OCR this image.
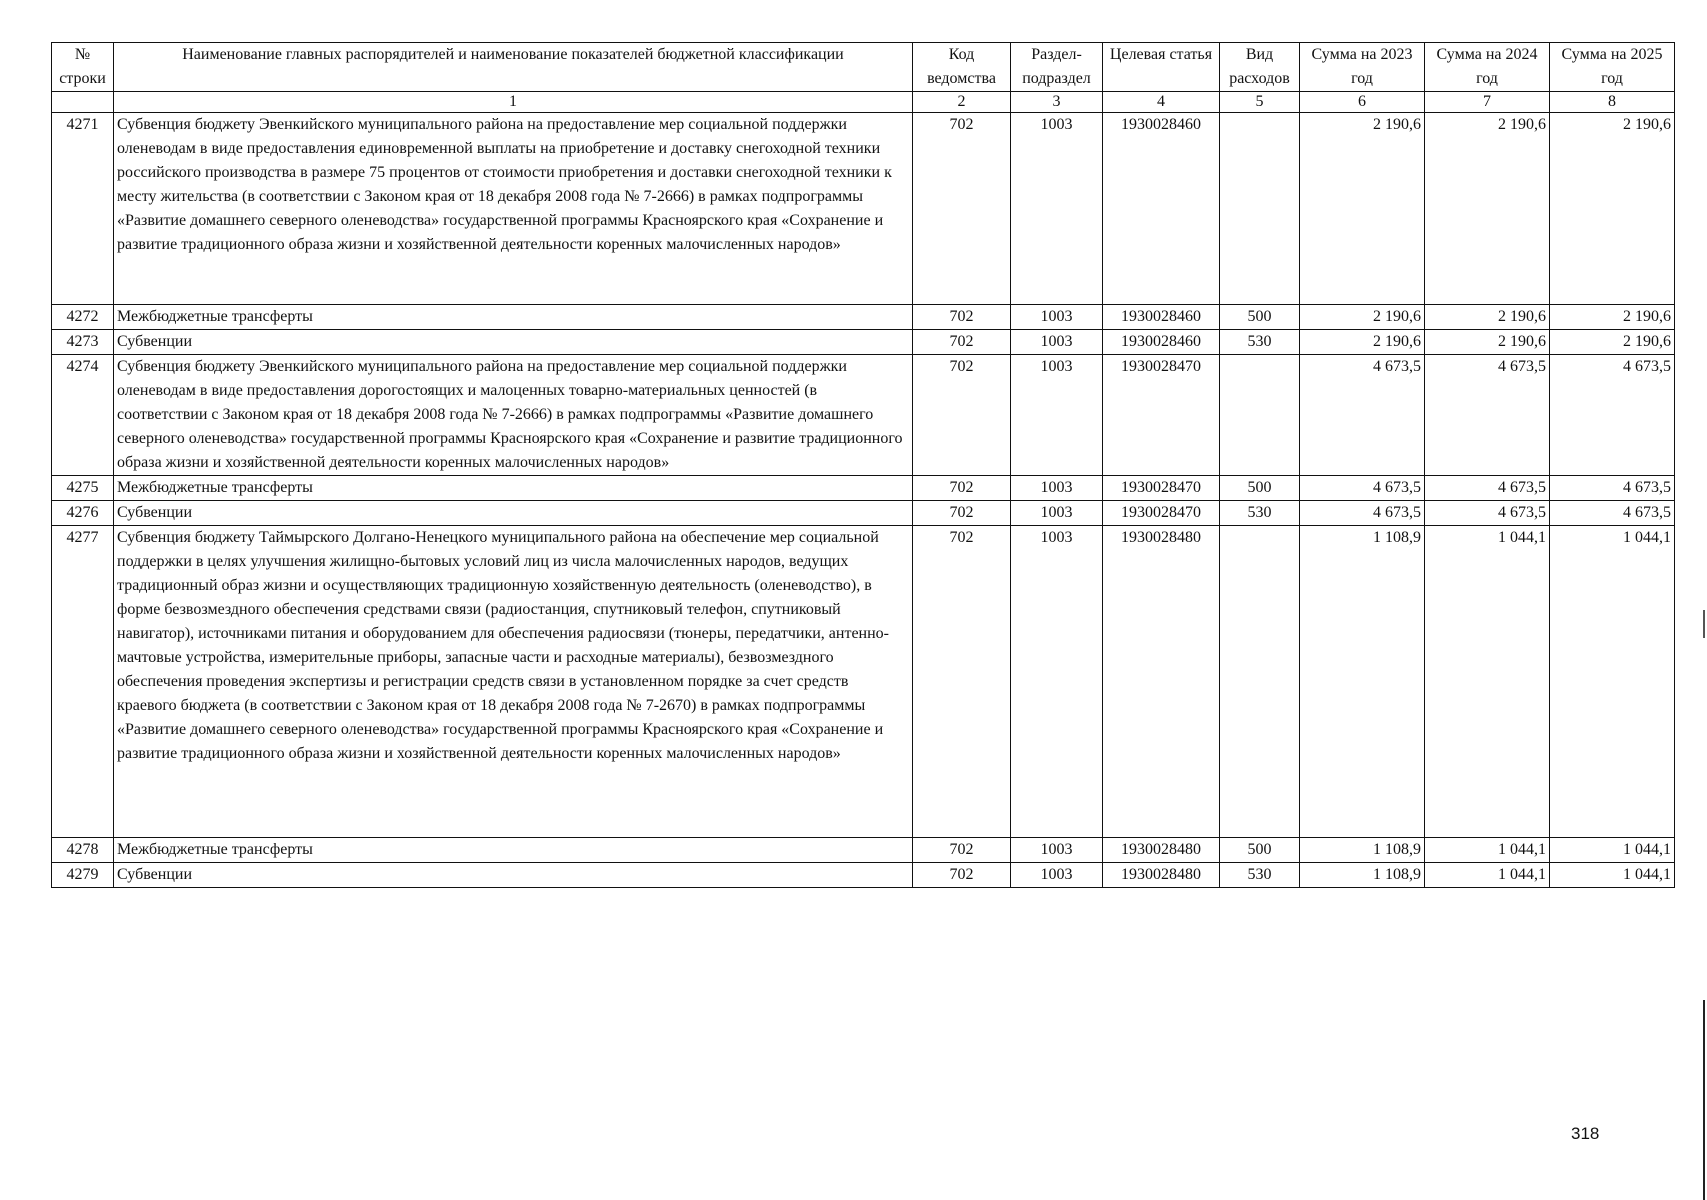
№ строки	Наименование главных распорядителей и наименование показателей бюджетной классификации	Код ведомства	Раздел-подраздел	Целевая статья	Вид расходов	Сумма на 2023 год	Сумма на 2024 год	Сумма на 2025 год
	1	2	3	4	5	6	7	8
4271	Субвенция бюджету Эвенкийского муниципального района на предоставление мер социальной поддержки оленеводам в виде предоставления единовременной выплаты на приобретение и доставку снегоходной техники российского производства в размере 75 процентов от стоимости приобретения и доставки снегоходной техники к месту жительства (в соответствии с Законом края от 18 декабря 2008 года № 7-2666) в рамках подпрограммы «Развитие домашнего северного оленеводства» государственной программы Красноярского края «Сохранение и развитие традиционного образа жизни и хозяйственной деятельности коренных малочисленных народов»	702	1003	1930028460		2 190,6	2 190,6	2 190,6
4272	Межбюджетные трансферты	702	1003	1930028460	500	2 190,6	2 190,6	2 190,6
4273	Субвенции	702	1003	1930028460	530	2 190,6	2 190,6	2 190,6
4274	Субвенция бюджету Эвенкийского муниципального района на предоставление мер социальной поддержки оленеводам в виде предоставления дорогостоящих и малоценных товарно-материальных ценностей (в соответствии с Законом края от 18 декабря 2008 года № 7-2666) в рамках подпрограммы «Развитие домашнего северного оленеводства» государственной программы Красноярского края «Сохранение и развитие традиционного образа жизни и хозяйственной деятельности коренных малочисленных народов»	702	1003	1930028470		4 673,5	4 673,5	4 673,5
4275	Межбюджетные трансферты	702	1003	1930028470	500	4 673,5	4 673,5	4 673,5
4276	Субвенции	702	1003	1930028470	530	4 673,5	4 673,5	4 673,5
4277	Субвенция бюджету Таймырского Долгано-Ненецкого муниципального района на обеспечение мер социальной поддержки в целях улучшения жилищно-бытовых условий лиц из числа малочисленных народов, ведущих традиционный образ жизни и осуществляющих традиционную хозяйственную деятельность (оленеводство), в форме безвозмездного обеспечения средствами связи (радиостанция, спутниковый телефон, спутниковый навигатор), источниками питания и оборудованием для обеспечения радиосвязи (тюнеры, передатчики, антенно-мачтовые устройства, измерительные приборы, запасные части и расходные материалы), безвозмездного обеспечения проведения экспертизы и регистрации средств связи в установленном порядке за счет средств краевого бюджета (в соответствии с Законом края от 18 декабря 2008 года № 7-2670) в рамках подпрограммы «Развитие домашнего северного оленеводства» государственной программы Красноярского края «Сохранение и развитие традиционного образа жизни и хозяйственной деятельности коренных малочисленных народов»	702	1003	1930028480		1 108,9	1 044,1	1 044,1
4278	Межбюджетные трансферты	702	1003	1930028480	500	1 108,9	1 044,1	1 044,1
4279	Субвенции	702	1003	1930028480	530	1 108,9	1 044,1	1 044,1
318
